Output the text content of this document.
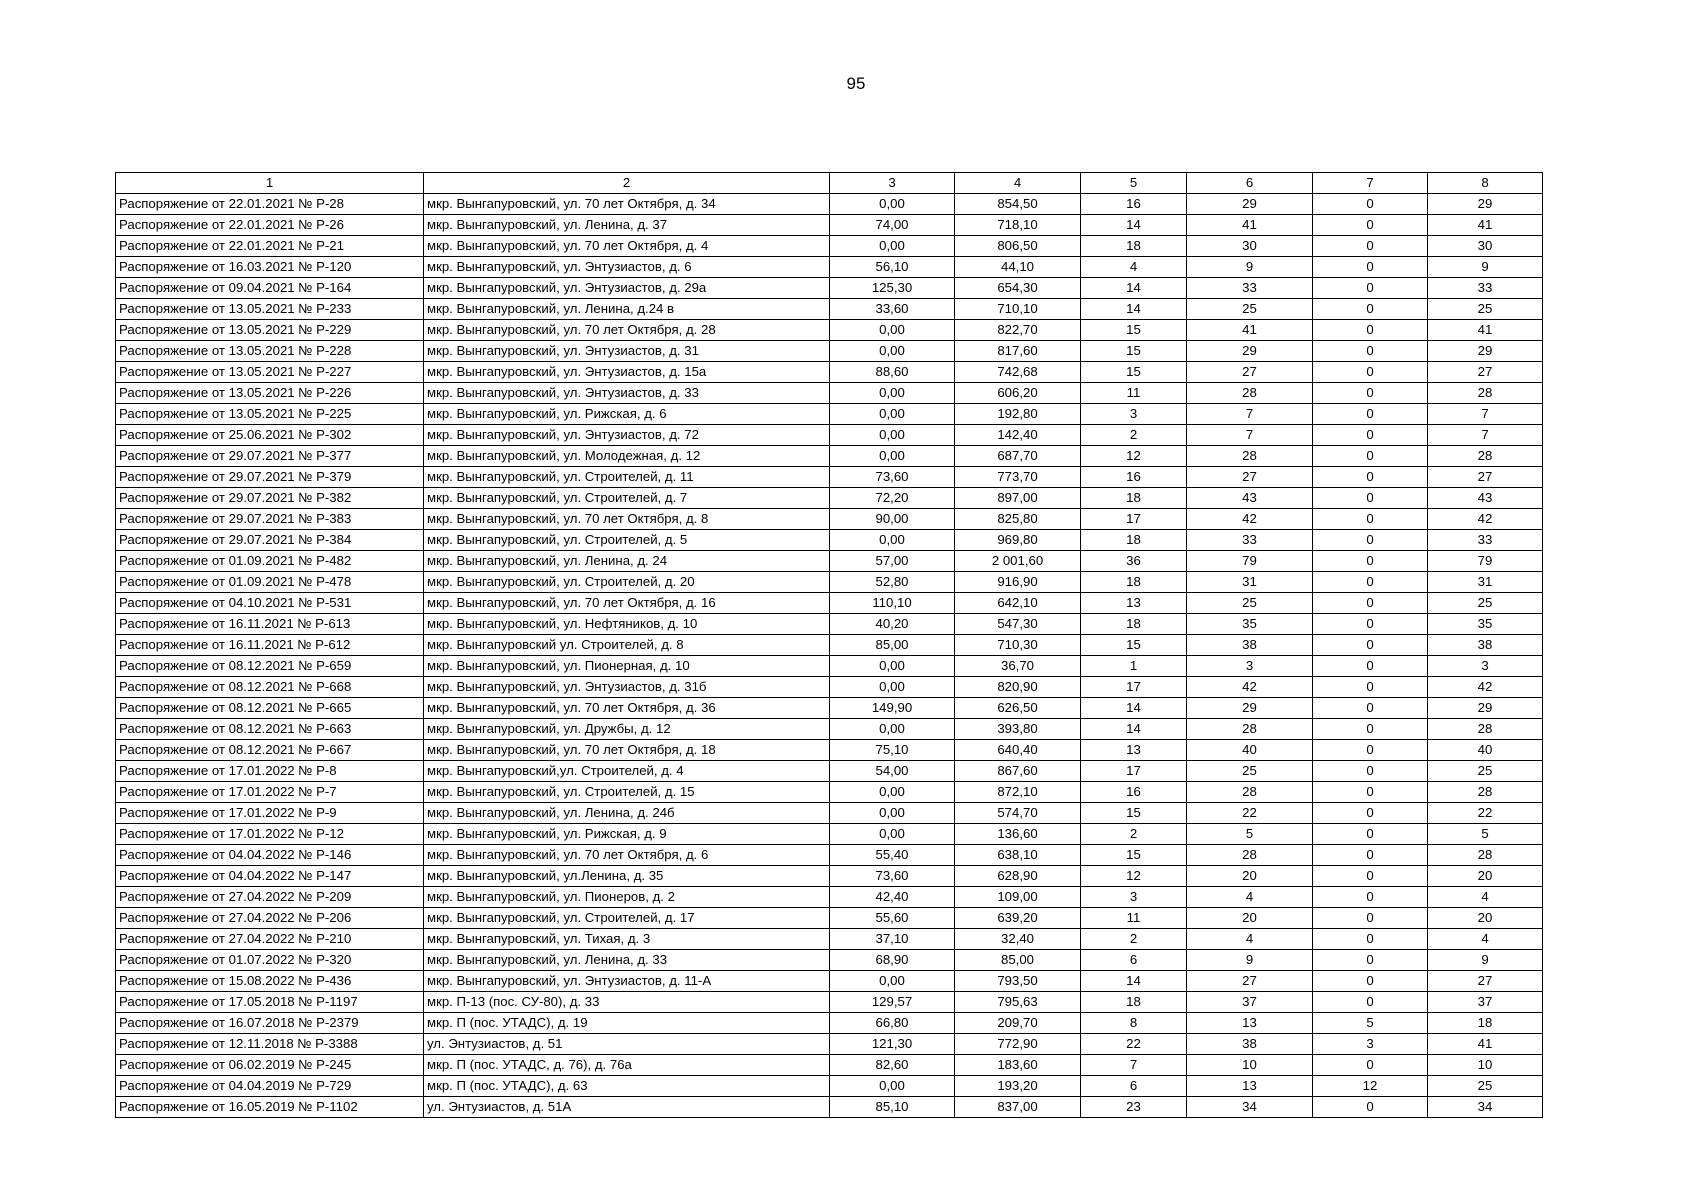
95
1	2	3	4	5	6	7	8
Распоряжение от 22.01.2021 № Р-28	мкр. Вынгапуровский, ул. 70 лет Октября, д. 34	0,00	854,50	16	29	0	29
Распоряжение от 22.01.2021 № Р-26	мкр. Вынгапуровский, ул. Ленина, д. 37	74,00	718,10	14	41	0	41
Распоряжение от 22.01.2021 № Р-21	мкр. Вынгапуровский, ул. 70 лет Октября, д. 4	0,00	806,50	18	30	0	30
Распоряжение от 16.03.2021 № Р-120	мкр. Вынгапуровский, ул. Энтузиастов, д. 6	56,10	44,10	4	9	0	9
Распоряжение от 09.04.2021 № Р-164	мкр. Вынгапуровский, ул. Энтузиастов, д. 29а	125,30	654,30	14	33	0	33
Распоряжение от 13.05.2021 № Р-233	мкр. Вынгапуровский, ул. Ленина, д.24 в	33,60	710,10	14	25	0	25
Распоряжение от 13.05.2021 № Р-229	мкр. Вынгапуровский, ул. 70 лет Октября, д. 28	0,00	822,70	15	41	0	41
Распоряжение от 13.05.2021 № Р-228	мкр. Вынгапуровский, ул. Энтузиастов, д. 31	0,00	817,60	15	29	0	29
Распоряжение от 13.05.2021 № Р-227	мкр. Вынгапуровский, ул. Энтузиастов, д. 15а	88,60	742,68	15	27	0	27
Распоряжение от 13.05.2021 № Р-226	мкр. Вынгапуровский, ул. Энтузиастов, д. 33	0,00	606,20	11	28	0	28
Распоряжение от 13.05.2021 № Р-225	мкр. Вынгапуровский, ул. Рижская, д. 6	0,00	192,80	3	7	0	7
Распоряжение от 25.06.2021 № Р-302	мкр. Вынгапуровский, ул. Энтузиастов, д. 72	0,00	142,40	2	7	0	7
Распоряжение от 29.07.2021 № Р-377	мкр. Вынгапуровский, ул. Молодежная, д. 12	0,00	687,70	12	28	0	28
Распоряжение от 29.07.2021 № Р-379	мкр. Вынгапуровский, ул. Строителей, д. 11	73,60	773,70	16	27	0	27
Распоряжение от 29.07.2021 № Р-382	мкр. Вынгапуровский, ул. Строителей, д. 7	72,20	897,00	18	43	0	43
Распоряжение от 29.07.2021 № Р-383	мкр. Вынгапуровский, ул. 70 лет Октября, д. 8	90,00	825,80	17	42	0	42
Распоряжение от 29.07.2021 № Р-384	мкр. Вынгапуровский, ул. Строителей, д. 5	0,00	969,80	18	33	0	33
Распоряжение от 01.09.2021 № Р-482	мкр. Вынгапуровский, ул. Ленина, д. 24	57,00	2 001,60	36	79	0	79
Распоряжение от 01.09.2021 № Р-478	мкр. Вынгапуровский, ул. Строителей, д. 20	52,80	916,90	18	31	0	31
Распоряжение от 04.10.2021 № Р-531	мкр. Вынгапуровский, ул. 70 лет Октября, д. 16	110,10	642,10	13	25	0	25
Распоряжение от 16.11.2021 № Р-613	мкр. Вынгапуровский, ул. Нефтяников, д. 10	40,20	547,30	18	35	0	35
Распоряжение от 16.11.2021 № Р-612	мкр. Вынгапуровский ул. Строителей, д. 8	85,00	710,30	15	38	0	38
Распоряжение от 08.12.2021 № Р-659	мкр. Вынгапуровский, ул. Пионерная, д. 10	0,00	36,70	1	3	0	3
Распоряжение от 08.12.2021 № Р-668	мкр. Вынгапуровский, ул. Энтузиастов, д. 31б	0,00	820,90	17	42	0	42
Распоряжение от 08.12.2021 № Р-665	мкр. Вынгапуровский, ул. 70 лет Октября, д. 36	149,90	626,50	14	29	0	29
Распоряжение от 08.12.2021 № Р-663	мкр. Вынгапуровский, ул. Дружбы, д. 12	0,00	393,80	14	28	0	28
Распоряжение от 08.12.2021 № Р-667	мкр. Вынгапуровский, ул. 70 лет Октября, д. 18	75,10	640,40	13	40	0	40
Распоряжение от 17.01.2022 № Р-8	мкр. Вынгапуровский,ул. Строителей, д. 4	54,00	867,60	17	25	0	25
Распоряжение от 17.01.2022 № Р-7	мкр. Вынгапуровский, ул. Строителей, д. 15	0,00	872,10	16	28	0	28
Распоряжение от 17.01.2022 № Р-9	мкр. Вынгапуровский, ул. Ленина, д. 24б	0,00	574,70	15	22	0	22
Распоряжение от 17.01.2022 № Р-12	мкр. Вынгапуровский, ул. Рижская, д. 9	0,00	136,60	2	5	0	5
Распоряжение от 04.04.2022 № Р-146	мкр. Вынгапуровский, ул. 70 лет Октября, д. 6	55,40	638,10	15	28	0	28
Распоряжение от 04.04.2022 № Р-147	мкр. Вынгапуровский, ул.Ленина, д. 35	73,60	628,90	12	20	0	20
Распоряжение от 27.04.2022 № Р-209	мкр. Вынгапуровский, ул. Пионеров, д. 2	42,40	109,00	3	4	0	4
Распоряжение от 27.04.2022 № Р-206	мкр. Вынгапуровский, ул. Строителей, д. 17	55,60	639,20	11	20	0	20
Распоряжение от 27.04.2022 № Р-210	мкр. Вынгапуровский, ул. Тихая, д. 3	37,10	32,40	2	4	0	4
Распоряжение от 01.07.2022 № Р-320	мкр. Вынгапуровский, ул. Ленина, д. 33	68,90	85,00	6	9	0	9
Распоряжение от 15.08.2022 № Р-436	мкр. Вынгапуровский, ул. Энтузиастов, д. 11-А	0,00	793,50	14	27	0	27
Распоряжение от 17.05.2018 № Р-1197	мкр. П-13 (пос. СУ-80), д. 33	129,57	795,63	18	37	0	37
Распоряжение от 16.07.2018 № Р-2379	мкр. П (пос. УТАДС), д. 19	66,80	209,70	8	13	5	18
Распоряжение от 12.11.2018 № Р-3388	ул. Энтузиастов, д. 51	121,30	772,90	22	38	3	41
Распоряжение от 06.02.2019 № Р-245	мкр. П (пос. УТАДС, д. 76), д. 76а	82,60	183,60	7	10	0	10
Распоряжение от 04.04.2019 № Р-729	мкр. П (пос. УТАДС), д. 63	0,00	193,20	6	13	12	25
Распоряжение от 16.05.2019 № Р-1102	ул. Энтузиастов, д. 51А	85,10	837,00	23	34	0	34
